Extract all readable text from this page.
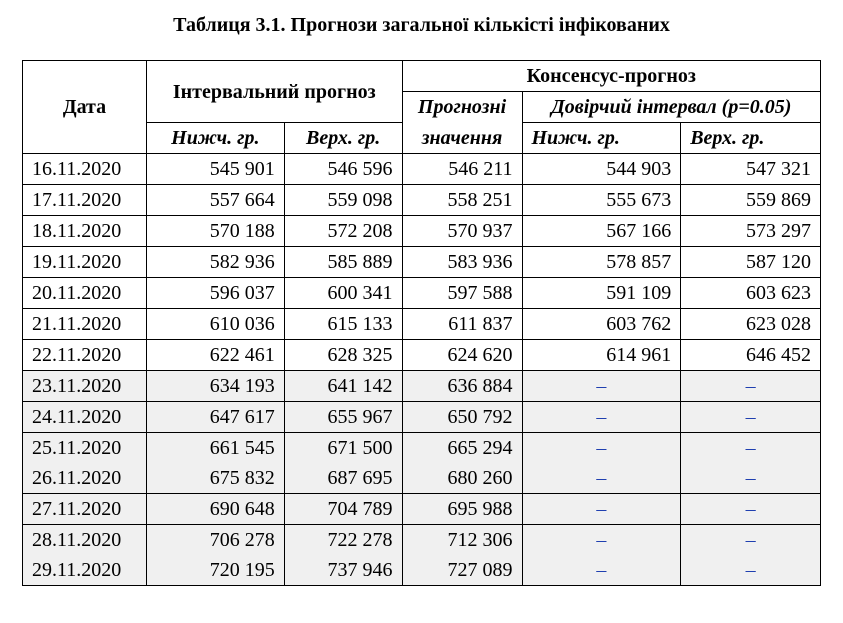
Таблиця 3.1. Прогнози загальної кількісті інфікованих
Дата	Інтервальний прогноз		Консенсус-прогноз		
			Прогнозні	Довірчий інтервал (p=0.05)	
	Нижч. гр.	Верх. гр.	значення	Нижч. гр.	Верх. гр.
16.11.2020	545 901	546 596	546 211	544 903	547 321
17.11.2020	557 664	559 098	558 251	555 673	559 869
18.11.2020	570 188	572 208	570 937	567 166	573 297
19.11.2020	582 936	585 889	583 936	578 857	587 120
20.11.2020	596 037	600 341	597 588	591 109	603 623
21.11.2020	610 036	615 133	611 837	603 762	623 028
22.11.2020	622 461	628 325	624 620	614 961	646 452
23.11.2020	634 193	641 142	636 884	–	–
24.11.2020	647 617	655 967	650 792	–	–
25.11.2020	661 545	671 500	665 294	–	–
26.11.2020	675 832	687 695	680 260	–	–
27.11.2020	690 648	704 789	695 988	–	–
28.11.2020	706 278	722 278	712 306	–	–
29.11.2020	720 195	737 946	727 089	–	–
